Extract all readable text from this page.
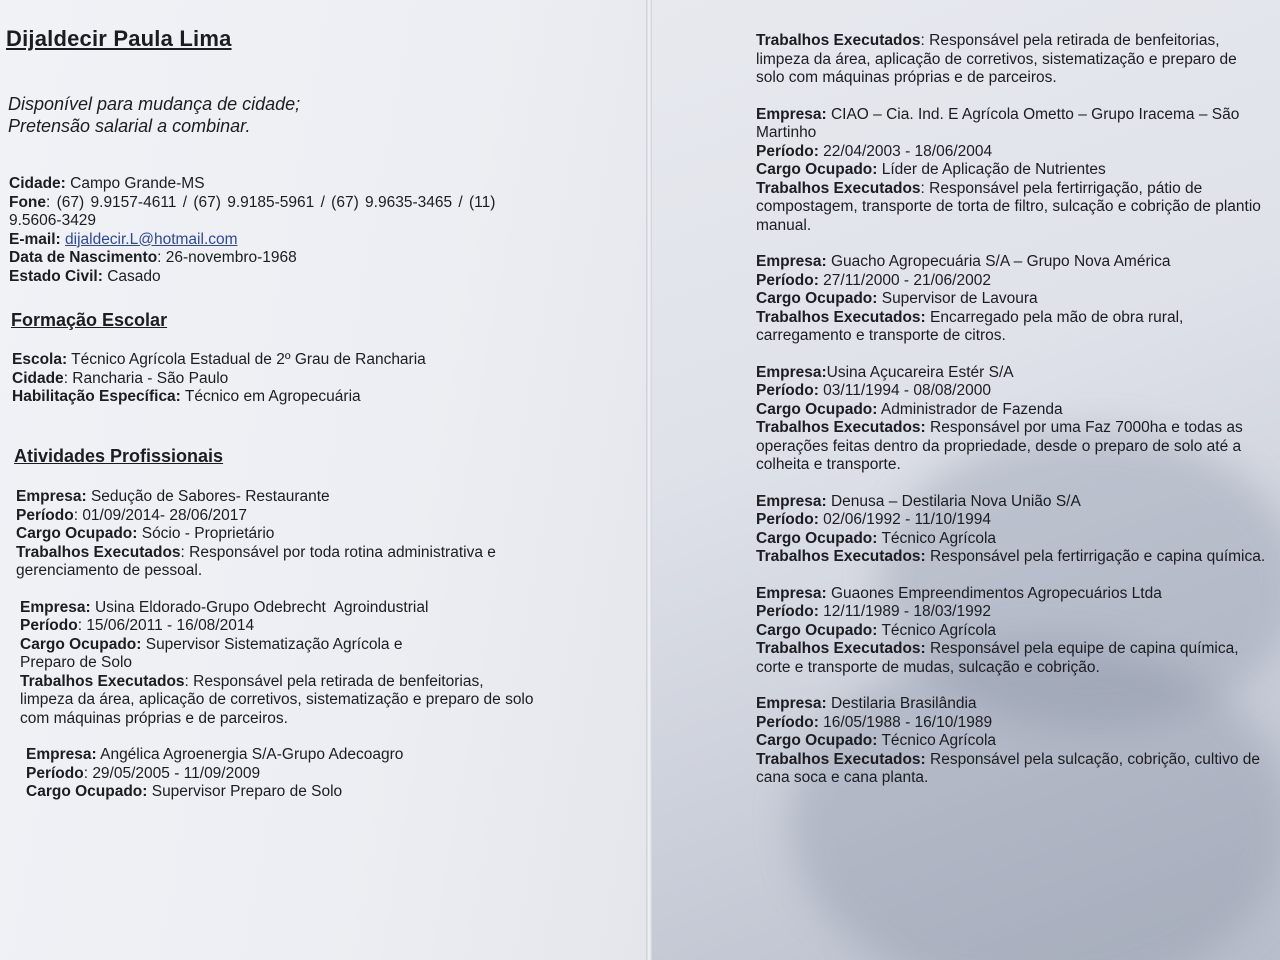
Dijaldecir Paula Lima
Disponível para mudança de cidade;
Pretensão salarial a combinar.

Cidade: Campo Grande-MS

Fone: (67) 9.9157-4611 / (67) 9.9185-5961 / (67) 9.9635-3465 / (11) 9.5606-3429

E-mail: dijaldecir.L@hotmail.com

Data de Nascimento: 26-novembro-1968

Estado Civil: Casado

Formação Escolar

Escola: Técnico Agrícola Estadual de 2º Grau de Rancharia

Cidade: Rancharia - São Paulo

Habilitação Específica: Técnico em Agropecuária

Atividades Profissionais

Empresa: Sedução de Sabores- Restaurante

Período: 01/09/2014- 28/06/2017

Cargo Ocupado: Sócio - Proprietário

Trabalhos Executados: Responsável por toda rotina administrativa e gerenciamento de pessoal.

Empresa: Usina Eldorado-Grupo Odebrecht  Agroindustrial

Período: 15/06/2011 - 16/08/2014

Cargo Ocupado: Supervisor Sistematização Agrícola e Preparo de Solo

Trabalhos Executados: Responsável pela retirada de benfeitorias, limpeza da área, aplicação de corretivos, sistematização e preparo de solo com máquinas próprias e de parceiros.

Empresa: Angélica Agroenergia S/A-Grupo Adecoagro

Período: 29/05/2005 - 11/09/2009

Cargo Ocupado: Supervisor Preparo de Solo

Trabalhos Executados: Responsável pela retirada de benfeitorias, limpeza da área, aplicação de corretivos, sistematização e preparo de solo com máquinas próprias e de parceiros.

Empresa: CIAO – Cia. Ind. E Agrícola Ometto – Grupo Iracema – São Martinho

Período: 22/04/2003 - 18/06/2004

Cargo Ocupado: Líder de Aplicação de Nutrientes

Trabalhos Executados: Responsável pela fertirrigação, pátio de compostagem, transporte de torta de filtro, sulcação e cobrição de plantio manual.

Empresa: Guacho Agropecuária S/A – Grupo Nova América

Período: 27/11/2000 - 21/06/2002

Cargo Ocupado: Supervisor de Lavoura

Trabalhos Executados: Encarregado pela mão de obra rural, carregamento e transporte de citros.

Empresa:Usina Açucareira Estér S/A

Período: 03/11/1994 - 08/08/2000

Cargo Ocupado: Administrador de Fazenda

Trabalhos Executados: Responsável por uma Faz 7000ha e todas as operações feitas dentro da propriedade, desde o preparo de solo até a colheita e transporte.

Empresa: Denusa – Destilaria Nova União S/A

Período: 02/06/1992 - 11/10/1994

Cargo Ocupado: Técnico Agrícola

Trabalhos Executados: Responsável pela fertirrigação e capina química.

Empresa: Guaones Empreendimentos Agropecuários Ltda

Período: 12/11/1989 - 18/03/1992

Cargo Ocupado: Técnico Agrícola

Trabalhos Executados: Responsável pela equipe de capina química, corte e transporte de mudas, sulcação e cobrição.

Empresa: Destilaria Brasilândia

Período: 16/05/1988 - 16/10/1989

Cargo Ocupado: Técnico Agrícola

Trabalhos Executados: Responsável pela sulcação, cobrição, cultivo de cana soca e cana planta.
